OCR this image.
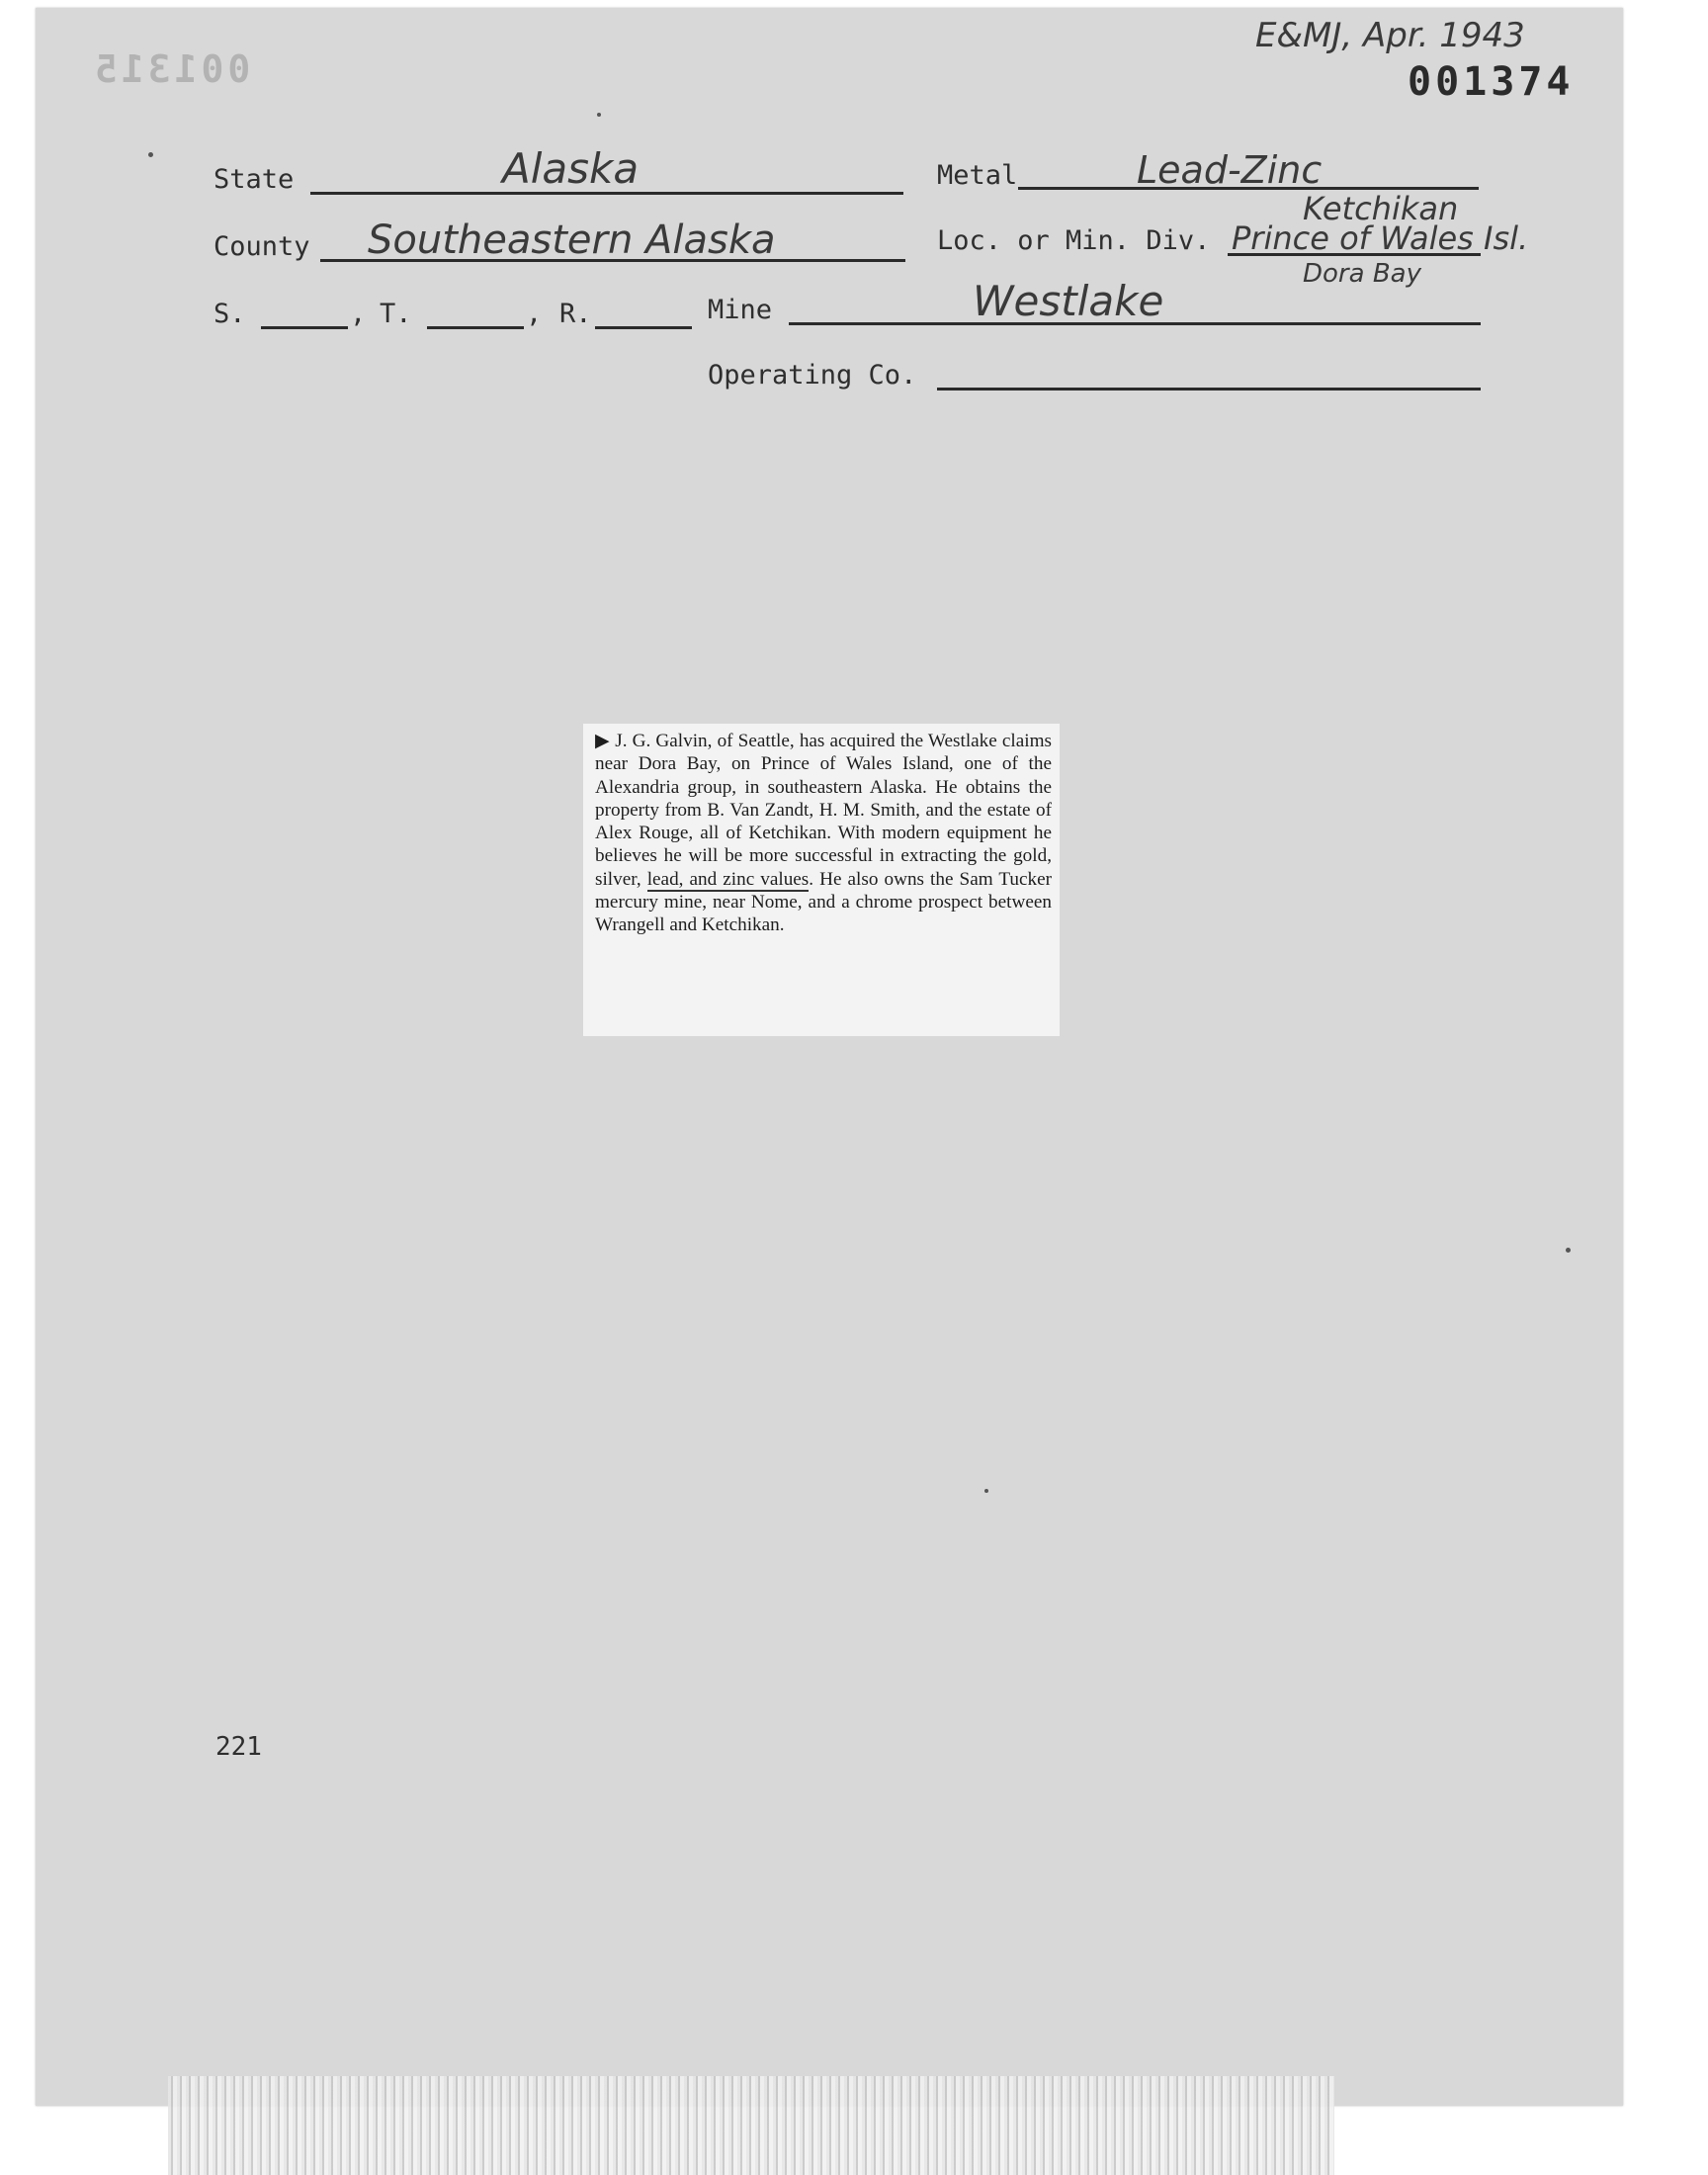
E&MJ, Apr. 1943
001374
001315
State	Alaska	Metal	Lead-Zinc
County Southeastern Alaska	Loc. or Min. Div.
Ketchikan
Prince of Wales Isl.
Dora Bay
S.	, T.	, R.	Mine	Westlake
Operating Co.
▶ J. G. Galvin, of Seattle, has acquired the Westlake claims near Dora Bay, on Prince of Wales Island, one of the Alexandria group, in southeastern Alaska. He obtains the property from B. Van Zandt, H. M. Smith, and the estate of Alex Rouge, all of Ketchikan. With modern equipment he believes he will be more successful in extracting the gold, silver, lead, and zinc values. He also owns the Sam Tucker mercury mine, near Nome, and a chrome prospect between Wrangell and Ketchikan.
221
